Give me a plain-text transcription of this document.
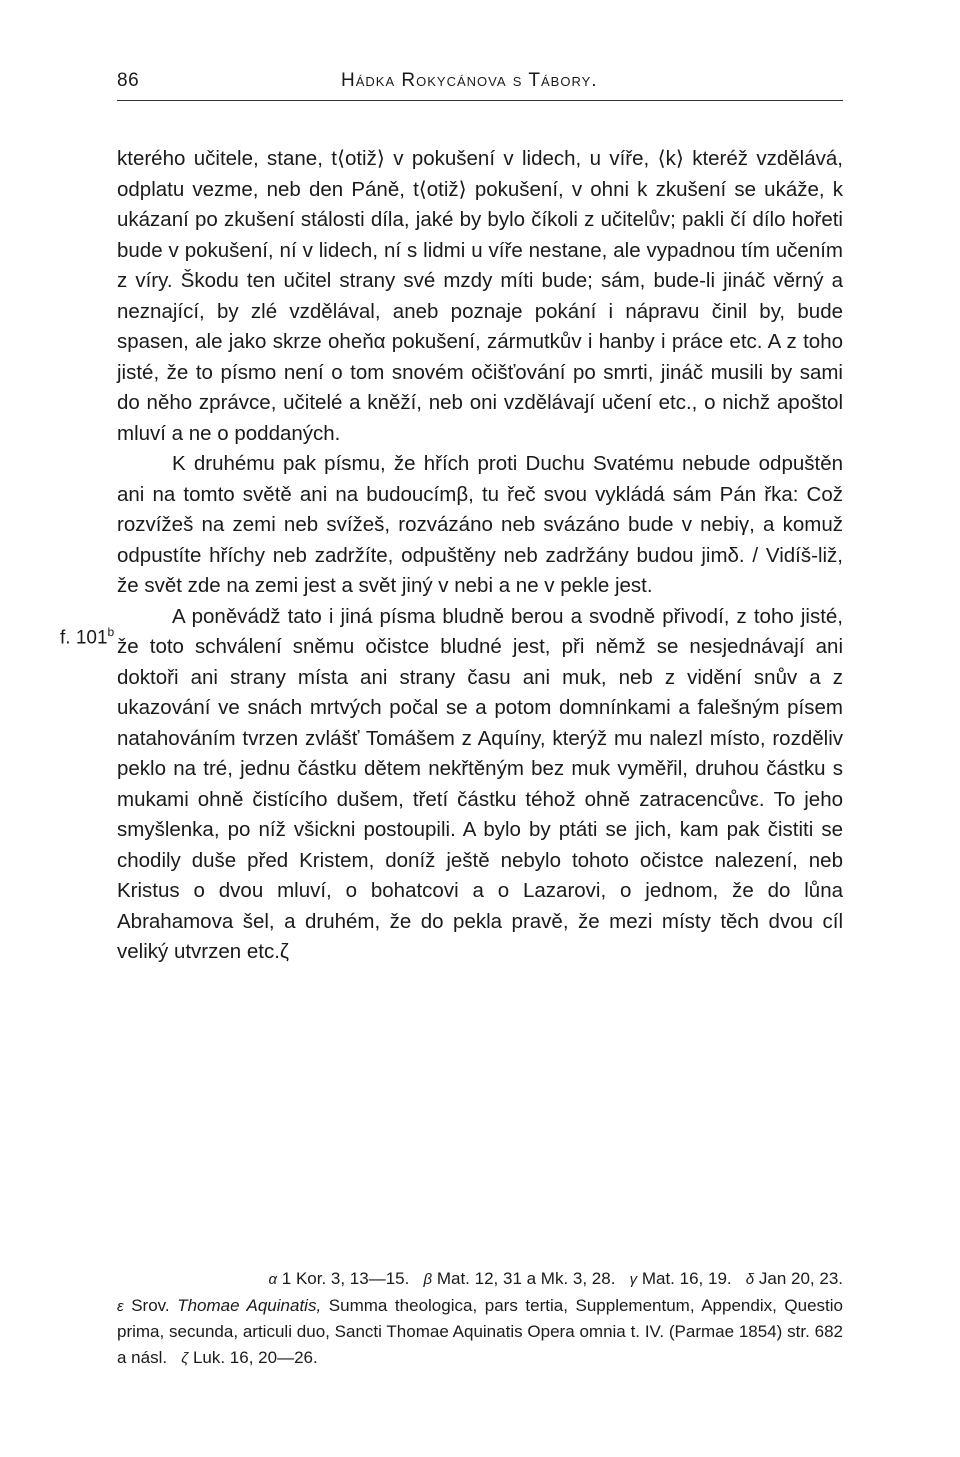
86	Hádka Rokycánova s Tábory.
f. 101$^b$

kterého učitele, stane, t⟨otiž⟩ v pokušení v lidech, u víře, ⟨k⟩ kteréž vzdělává, odplatu vezme, neb den Páně, t⟨otiž⟩ pokušení, v ohni k zkušení se ukáže, k ukázaní po zkušení stálosti díla, jaké by bylo číkoli z učitelův; pakli čí dílo hořeti bude v pokušení, ní v lidech, ní s lidmi u víře nestane, ale vypadnou tím učením z víry. Škodu ten učitel strany své mzdy míti bude; sám, bude-li jináč věrný a neznající, by zlé vzdělával, aneb poznaje pokání i nápravu činil by, bude spasen, ale jako skrze oheňα pokušení, zármutkův i hanby i práce etc. A z toho jisté, že to písmo není o tom snovém očišťování po smrti, jináč musili by sami do něho zprávce, učitelé a kněží, neb oni vzdělávají učení etc., o nichž apoštol mluví a ne o poddaných.

K druhému pak písmu, že hřích proti Duchu Svatému nebude odpuštěn ani na tomto světě ani na budoucímβ, tu řeč svou vykládá sám Pán řka: Což rozvížeš na zemi neb svížeš, rozvázáno neb svázáno bude v nebiγ, a komuž odpustíte hříchy neb zadržíte, odpuštěny neb zadržány budou jimδ. / Vidíš-liž, že svět zde na zemi jest a svět jiný v nebi a ne v pekle jest.

A poněvádž tato i jiná písma bludně berou a svodně přivodí, z toho jisté, že toto schválení sněmu očistce bludné jest, při němž se nesjednávají ani doktoři ani strany místa ani strany času ani muk, neb z vidění snův a z ukazování ve snách mrtvých počal se a potom domnínkami a falešným písem natahováním tvrzen zvlášť Tomášem z Aquíny, kterýž mu nalezl místo, rozděliv peklo na tré, jednu částku dětem nekřtěným bez muk vyměřil, druhou částku s mukami ohně čistícího dušem, třetí částku téhož ohně zatracencůvε. To jeho smyšlenka, po níž všickni postoupili. A bylo by ptáti se jich, kam pak čistiti se chodily duše před Kristem, doníž ještě nebylo tohoto očistce nalezení, neb Kristus o dvou mluví, o bohatcovi a o Lazarovi, o jednom, že do lůna Abrahamova šel, a druhém, že do pekla pravě, že mezi místy těch dvou cíl veliký utvrzen etc.ζ

α 1 Kor. 3, 13—15. β Mat. 12, 31 a Mk. 3, 28. γ Mat. 16, 19. δ Jan 20, 23.

ε Srov. Thomae Aquinatis, Summa theologica, pars tertia, Supplementum, Appendix, Questio prima, secunda, articuli duo, Sancti Thomae Aquinatis Opera omnia t. IV. (Parmae 1854) str. 682 a násl. ζ Luk. 16, 20—26.
